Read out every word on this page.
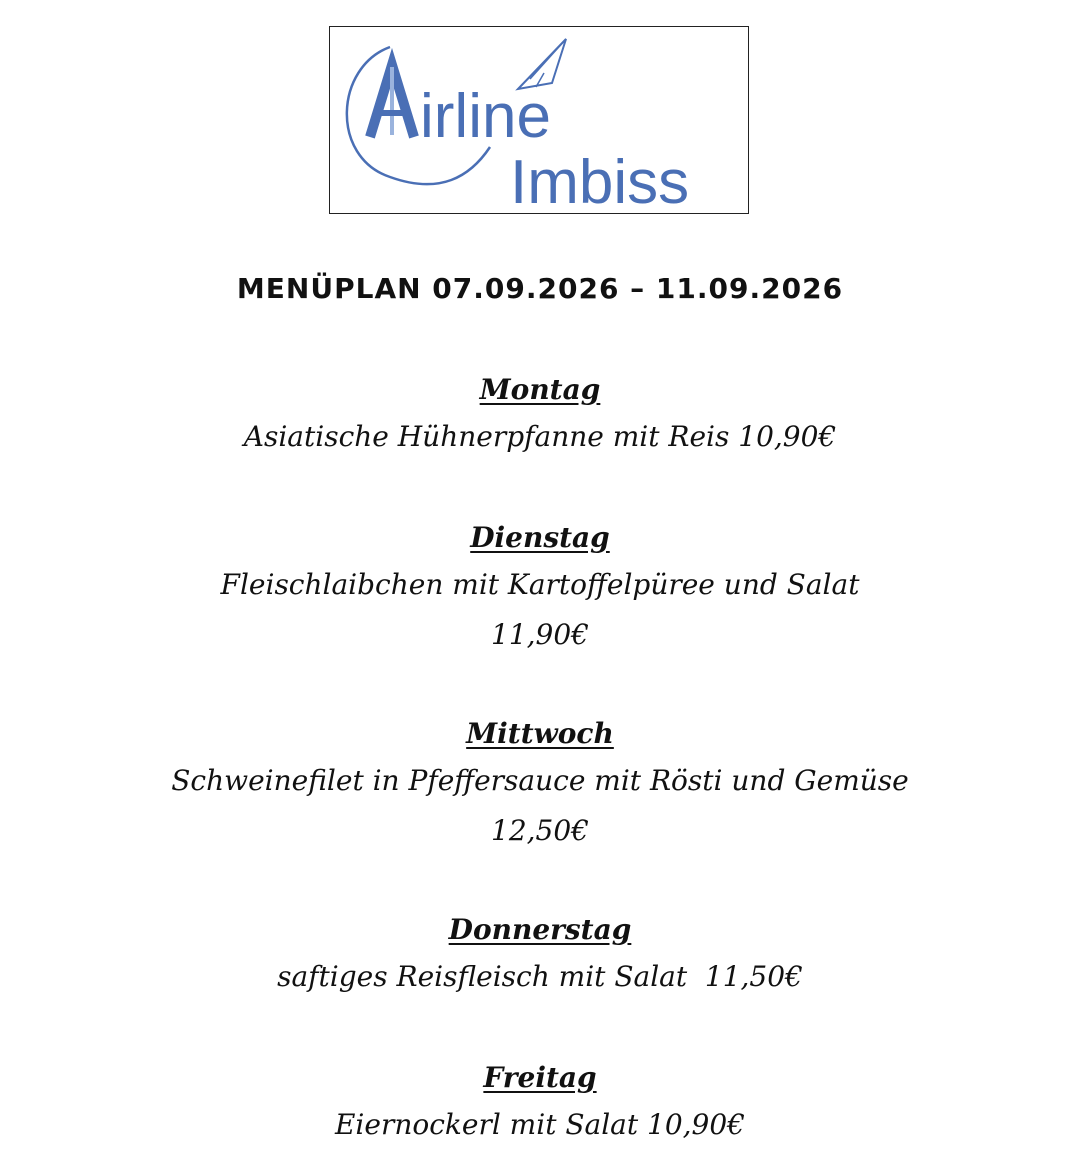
irline
Imbiss
MENÜPLAN 07.09.2026 – 11.09.2026
Montag
Asiatische Hühnerpfanne mit Reis 10,90€
Dienstag
Fleischlaibchen mit Kartoffelpüree und Salat
11,90€
Mittwoch
Schweinefilet in Pfeffersauce mit Rösti und Gemüse
12,50€
Donnerstag
saftiges Reisfleisch mit Salat  11,50€
Freitag
Eiernockerl mit Salat 10,90€
